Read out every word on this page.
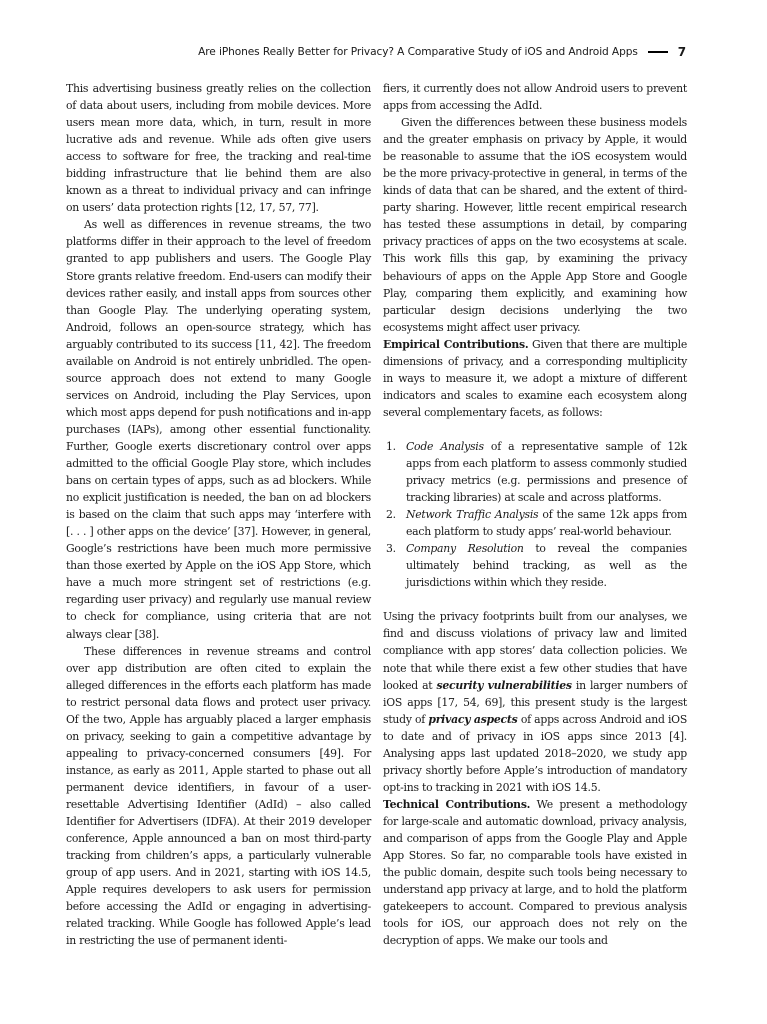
Are iPhones Really Better for Privacy? A Comparative Study of iOS and Android Apps	7

This advertising business greatly relies on the collection of data about users, including from mobile devices. More users mean more data, which, in turn, result in more lucrative ads and revenue. While ads often give users access to software for free, the tracking and real-time bidding infrastructure that lie behind them are also known as a threat to individual privacy and can infringe on users’ data protection rights [12, 17, 57, 77].

As well as differences in revenue streams, the two platforms differ in their approach to the level of freedom granted to app publishers and users. The Google Play Store grants relative freedom. End-users can modify their devices rather easily, and install apps from sources other than Google Play. The underlying operating system, Android, follows an open-source strategy, which has arguably contributed to its success [11, 42]. The freedom available on Android is not entirely unbridled. The open-source approach does not extend to many Google services on Android, including the Play Services, upon which most apps depend for push notifications and in-app purchases (IAPs), among other essential functionality. Further, Google exerts discretionary control over apps admitted to the official Google Play store, which includes bans on certain types of apps, such as ad blockers. While no explicit justification is needed, the ban on ad blockers is based on the claim that such apps may ‘interfere with [. . . ] other apps on the device’ [37]. However, in general, Google’s restrictions have been much more permissive than those exerted by Apple on the iOS App Store, which have a much more stringent set of restrictions (e.g. regarding user privacy) and regularly use manual review to check for compliance, using criteria that are not always clear [38].

These differences in revenue streams and control over app distribution are often cited to explain the alleged differences in the efforts each platform has made to restrict personal data flows and protect user privacy. Of the two, Apple has arguably placed a larger emphasis on privacy, seeking to gain a competitive advantage by appealing to privacy-concerned consumers [49]. For instance, as early as 2011, Apple started to phase out all permanent device identifiers, in favour of a user-resettable Advertising Identifier (AdId) – also called Identifier for Advertisers (IDFA). At their 2019 developer conference, Apple announced a ban on most third-party tracking from children’s apps, a particularly vulnerable group of app users. And in 2021, starting with iOS 14.5, Apple requires developers to ask users for permission before accessing the AdId or engaging in advertising-related tracking. While Google has followed Apple’s lead in restricting the use of permanent identi-

fiers, it currently does not allow Android users to prevent apps from accessing the AdId.

Given the differences between these business models and the greater emphasis on privacy by Apple, it would be reasonable to assume that the iOS ecosystem would be the more privacy-protective in general, in terms of the kinds of data that can be shared, and the extent of third-party sharing. However, little recent empirical research has tested these assumptions in detail, by comparing privacy practices of apps on the two ecosystems at scale. This work fills this gap, by examining the privacy behaviours of apps on the Apple App Store and Google Play, comparing them explicitly, and examining how particular design decisions underlying the two ecosystems might affect user privacy.

Empirical Contributions. Given that there are multiple dimensions of privacy, and a corresponding multiplicity in ways to measure it, we adopt a mixture of different indicators and scales to examine each ecosystem along several complementary facets, as follows:

1. Code Analysis of a representative sample of 12k apps from each platform to assess commonly studied privacy metrics (e.g. permissions and presence of tracking libraries) at scale and across platforms.
2. Network Traffic Analysis of the same 12k apps from each platform to study apps’ real-world behaviour.
3. Company Resolution to reveal the companies ultimately behind tracking, as well as the jurisdictions within which they reside.

Using the privacy footprints built from our analyses, we find and discuss violations of privacy law and limited compliance with app stores’ data collection policies. We note that while there exist a few other studies that have looked at security vulnerabilities in larger numbers of iOS apps [17, 54, 69], this present study is the largest study of privacy aspects of apps across Android and iOS to date and of privacy in iOS apps since 2013 [4]. Analysing apps last updated 2018–2020, we study app privacy shortly before Apple’s introduction of mandatory opt-ins to tracking in 2021 with iOS 14.5.

Technical Contributions. We present a methodology for large-scale and automatic download, privacy analysis, and comparison of apps from the Google Play and Apple App Stores. So far, no comparable tools have existed in the public domain, despite such tools being necessary to understand app privacy at large, and to hold the platform gatekeepers to account. Compared to previous analysis tools for iOS, our approach does not rely on the decryption of apps. We make our tools and
